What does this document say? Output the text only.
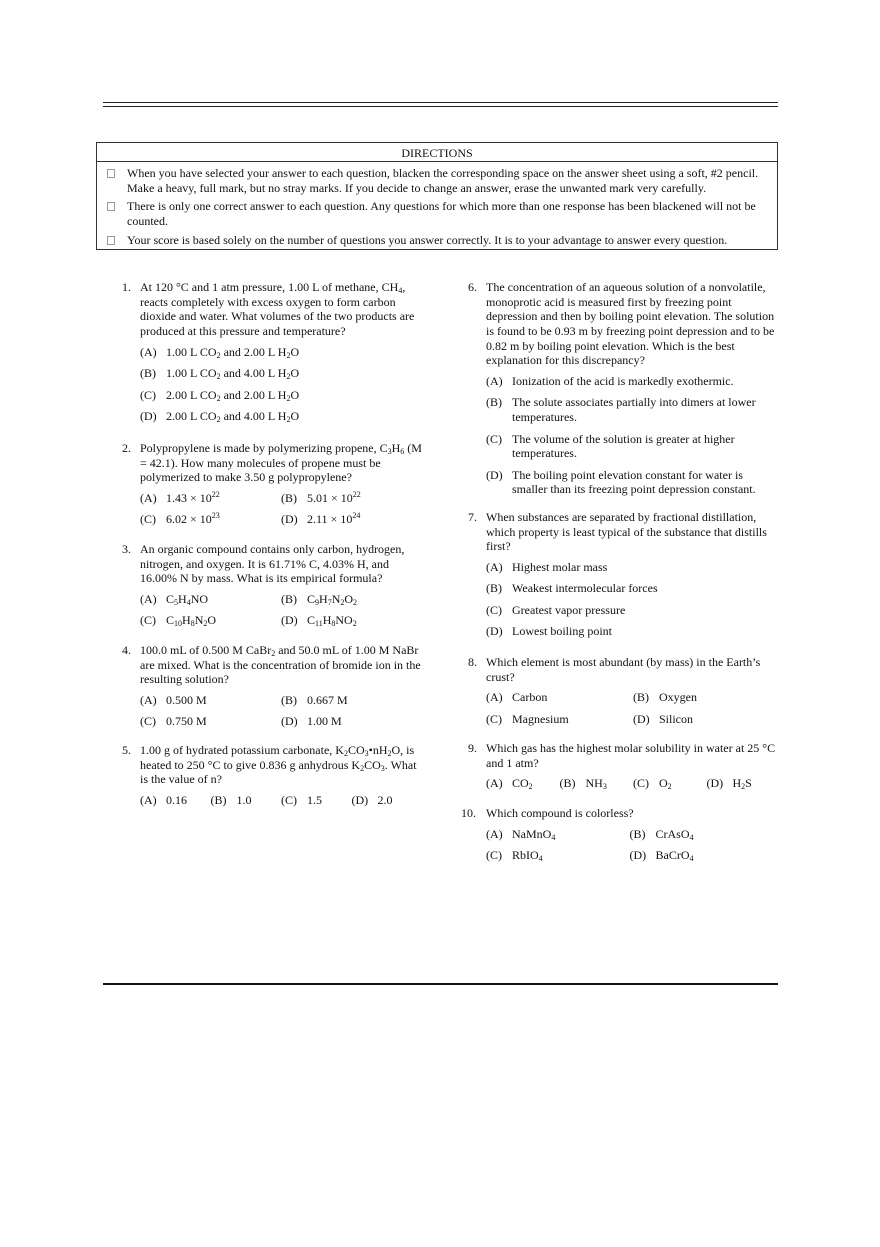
DIRECTIONS
When you have selected your answer to each question, blacken the corresponding space on the answer sheet using a soft, #2 pencil. Make a heavy, full mark, but no stray marks. If you decide to change an answer, erase the unwanted mark very carefully.
There is only one correct answer to each question. Any questions for which more than one response has been blackened will not be counted.
Your score is based solely on the number of questions you answer correctly. It is to your advantage to answer every question.
1. At 120 °C and 1 atm pressure, 1.00 L of methane, $CH_4$, reacts completely with excess oxygen to form carbon dioxide and water. What volumes of the two products are produced at this pressure and temperature?
(A) 1.00 L $CO_2$ and 2.00 L $H_2O$
(B) 1.00 L $CO_2$ and 4.00 L $H_2O$
(C) 2.00 L $CO_2$ and 2.00 L $H_2O$
(D) 2.00 L $CO_2$ and 4.00 L $H_2O$
2. Polypropylene is made by polymerizing propene, $C_3H_6$ (M = 42.1). How many molecules of propene must be polymerized to make 3.50 g polypropylene?
(A) $1.43 \times 10^{22}$	(B) $5.01 \times 10^{22}$
(C) $6.02 \times 10^{23}$	(D) $2.11 \times 10^{24}$
3. An organic compound contains only carbon, hydrogen, nitrogen, and oxygen. It is 61.71% C, 4.03% H, and 16.00% N by mass. What is its empirical formula?
(A) $C_5H_4NO$	(B) $C_9H_7N_2O_2$
(C) $C_{10}H_8N_2O$	(D) $C_{11}H_8NO_2$
4. 100.0 mL of 0.500 M CaBr$_2$ and 50.0 mL of 1.00 M NaBr are mixed. What is the concentration of bromide ion in the resulting solution?
(A) 0.500 M	(B) 0.667 M
(C) 0.750 M	(D) 1.00 M
5. 1.00 g of hydrated potassium carbonate, $K_2CO_3•nH_2O$, is heated to 250 °C to give 0.836 g anhydrous $K_2CO_3$. What is the value of n?
(A) 0.16 (B) 1.0 (C) 1.5 (D) 2.0
6. The concentration of an aqueous solution of a nonvolatile, monoprotic acid is measured first by freezing point depression and then by boiling point elevation. The solution is found to be 0.93 m by freezing point depression and to be 0.82 m by boiling point elevation. Which is the best explanation for this discrepancy?
(A) Ionization of the acid is markedly exothermic.
(B) The solute associates partially into dimers at lower temperatures.
(C) The volume of the solution is greater at higher temperatures.
(D) The boiling point elevation constant for water is smaller than its freezing point depression constant.
7. When substances are separated by fractional distillation, which property is least typical of the substance that distills first?
(A) Highest molar mass
(B) Weakest intermolecular forces
(C) Greatest vapor pressure
(D) Lowest boiling point
8. Which element is most abundant (by mass) in the Earth’s crust?
(A) Carbon	(B) Oxygen
(C) Magnesium	(D) Silicon
9. Which gas has the highest molar solubility in water at 25 °C and 1 atm?
(A) $CO_2$ (B) $NH_3$ (C) $O_2$	(D) $H_2S$
10. Which compound is colorless?
(A) NaMnO$_4$	(B) CrAsO$_4$
(C) RbIO$_4$	(D) BaCrO$_4$
